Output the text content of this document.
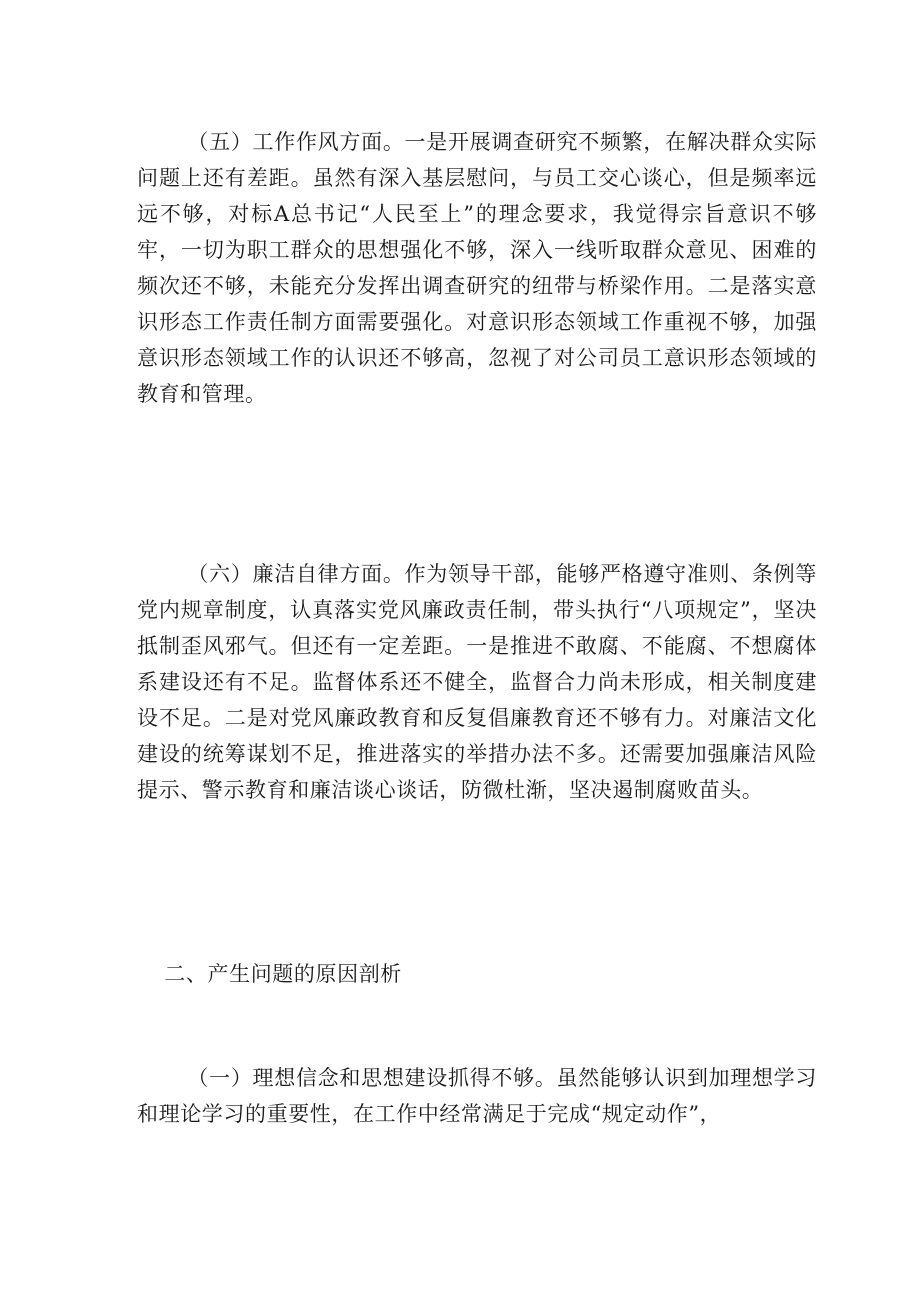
（五）工作作风方面。一是开展调查研究不频繁，在解决群众实际问题上还有差距。虽然有深入基层慰问，与员工交心谈心，但是频率远远不够，对标A总书记“人民至上”的理念要求，我觉得宗旨意识不够牢，一切为职工群众的思想强化不够，深入一线听取群众意见、困难的频次还不够，未能充分发挥出调查研究的纽带与桥梁作用。二是落实意识形态工作责任制方面需要强化。对意识形态领域工作重视不够，加强意识形态领域工作的认识还不够高，忽视了对公司员工意识形态领域的教育和管理。

（六）廉洁自律方面。作为领导干部，能够严格遵守准则、条例等党内规章制度，认真落实党风廉政责任制，带头执行“八项规定”，坚决抵制歪风邪气。但还有一定差距。一是推进不敢腐、不能腐、不想腐体系建设还有不足。监督体系还不健全，监督合力尚未形成，相关制度建设不足。二是对党风廉政教育和反复倡廉教育还不够有力。对廉洁文化建设的统筹谋划不足，推进落实的举措办法不多。还需要加强廉洁风险提示、警示教育和廉洁谈心谈话，防微杜渐，坚决遏制腐败苗头。

二、产生问题的原因剖析

（一）理想信念和思想建设抓得不够。虽然能够认识到加理想学习和理论学习的重要性，在工作中经常满足于完成“规定动作”，
